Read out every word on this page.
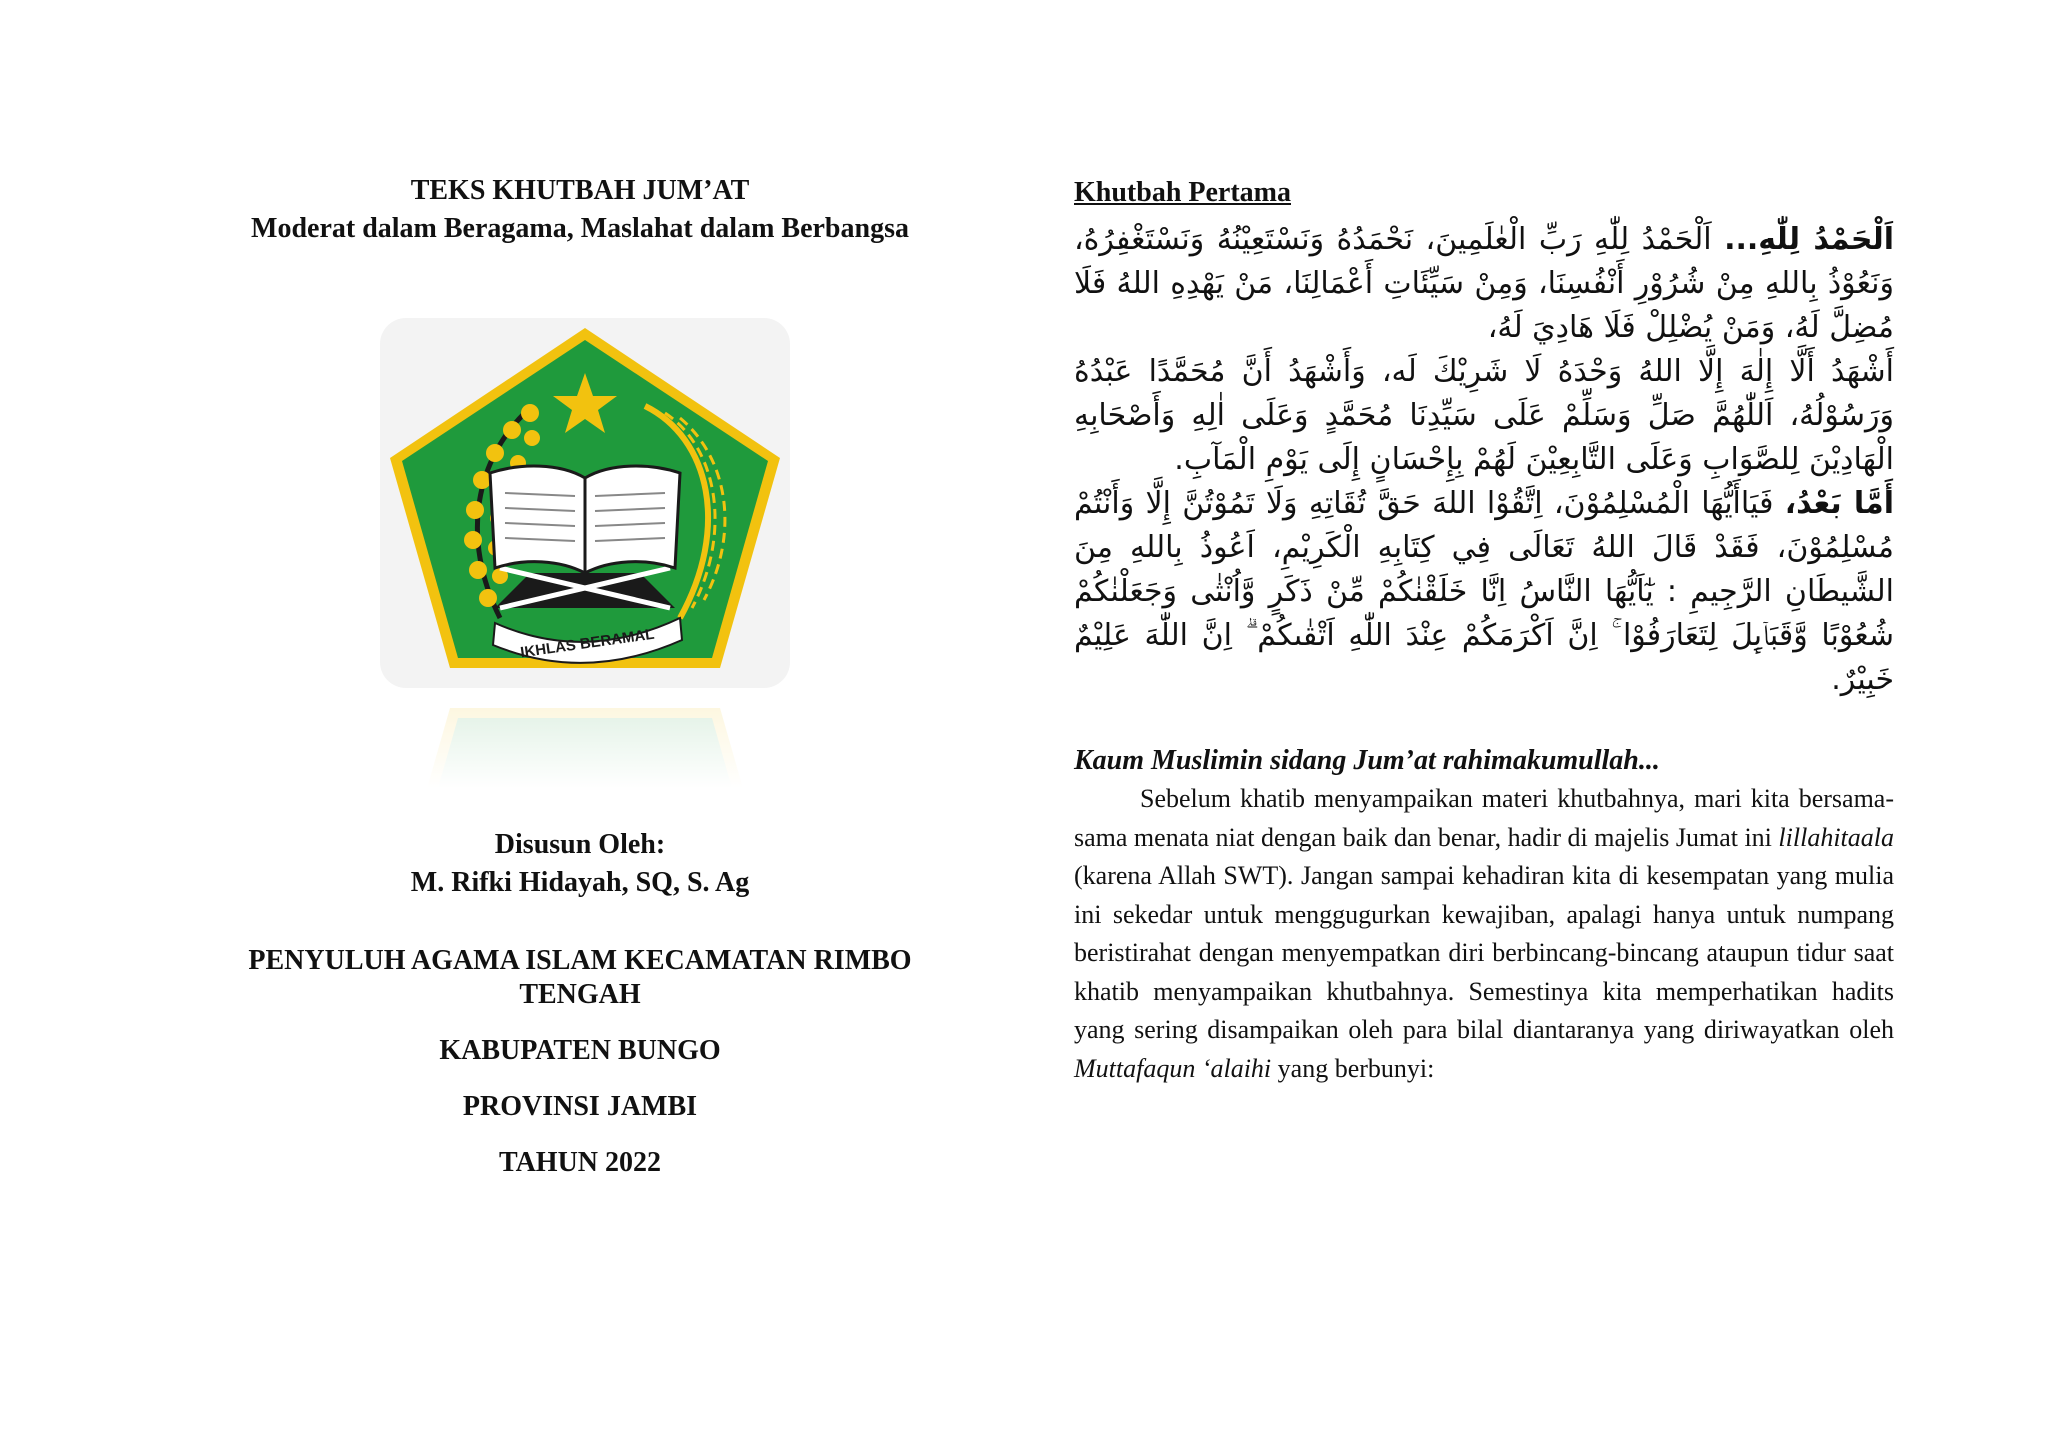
TEKS KHUTBAH JUM’AT
Moderat dalam Beragama, Maslahat dalam Berbangsa
IKHLAS BERAMAL
Disusun Oleh:
M. Rifki Hidayah, SQ, S. Ag
PENYULUH AGAMA ISLAM KECAMATAN RIMBO
TENGAH
KABUPATEN BUNGO
PROVINSI JAMBI
TAHUN 2022
Khutbah Pertama

اَلْحَمْدُ لِلّٰهِ... اَلْحَمْدُ لِلّٰهِ رَبِّ الْعٰلَمِينَ، نَحْمَدُهُ وَنَسْتَعِيْنُهُ وَنَسْتَغْفِرُهُ، وَنَعُوْذُ بِاللهِ مِنْ شُرُوْرِ أَنْفُسِنَا، وَمِنْ سَيِّئَاتِ أَعْمَالِنَا، مَنْ يَهْدِهِ اللهُ فَلَا مُضِلَّ لَهُ، وَمَنْ يُضْلِلْ فَلَا هَادِيَ لَهُ،

أَشْهَدُ أَلَّا إِلٰهَ إِلَّا اللهُ وَحْدَهُ لَا شَرِيْكَ لَه، وَأَشْهَدُ أَنَّ مُحَمَّدًا عَبْدُهُ وَرَسُوْلُهُ، اَللّٰهُمَّ صَلِّ وَسَلِّمْ عَلَى سَيِّدِنَا مُحَمَّدٍ وَعَلَى اٰلِهِ وَأَصْحَابِهِ الْهَادِيْنَ لِلصَّوَابِ وَعَلَى التَّابِعِيْنَ لَهُمْ بِإِحْسَانٍ إِلَى يَوْمِ الْمَآبِ.

أَمَّا بَعْدُ، فَيَاأَيُّهَا الْمُسْلِمُوْنَ، اِتَّقُوْا اللهَ حَقَّ تُقَاتِهِ وَلَا تَمُوْتُنَّ إِلَّا وَأَنْتُمْ مُسْلِمُوْنَ، فَقَدْ قَالَ اللهُ تَعَالَى فِي كِتَابِهِ الْكَرِيْمِ، اَعُوذُ بِاللهِ مِنَ الشَّيطَانِ الرَّجِيمِ : يٰٓاَيُّهَا النَّاسُ اِنَّا خَلَقْنٰكُمْ مِّنْ ذَكَرٍ وَّاُنْثٰى وَجَعَلْنٰكُمْ شُعُوْبًا وَّقَبَاۤىِٕلَ لِتَعَارَفُوْا ۚ اِنَّ اَكْرَمَكُمْ عِنْدَ اللّٰهِ اَتْقٰىكُمْ ۗ اِنَّ اللّٰهَ عَلِيْمٌ خَبِيْرٌ.

Kaum Muslimin sidang Jum’at rahimakumullah...

Sebelum khatib menyampaikan materi khutbahnya, mari kita bersama-sama menata niat dengan baik dan benar, hadir di majelis Jumat ini lillahitaala (karena Allah SWT). Jangan sampai kehadiran kita di kesempatan yang mulia ini sekedar untuk menggugurkan kewajiban, apalagi hanya untuk numpang beristirahat dengan menyempatkan diri berbincang-bincang ataupun tidur saat khatib menyampaikan khutbahnya. Semestinya kita memperhatikan hadits yang sering disampaikan oleh para bilal diantaranya yang diriwayatkan oleh Muttafaqun ‘alaihi yang berbunyi:
